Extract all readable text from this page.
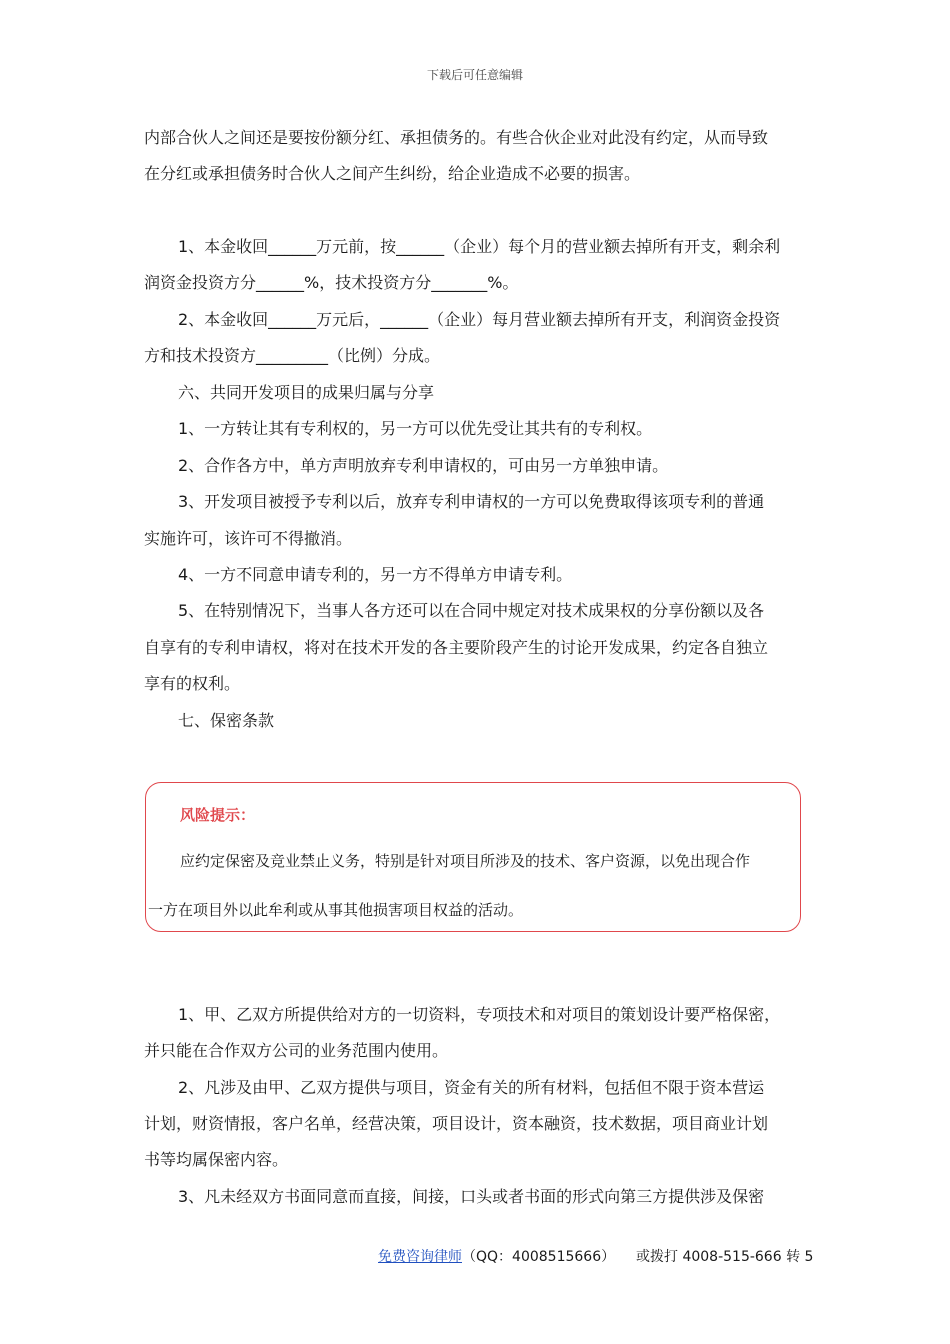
下载后可任意编辑
内部合伙人之间还是要按份额分红、承担债务的。有些合伙企业对此没有约定，从而导致
在分红或承担债务时合伙人之间产生纠纷，给企业造成不必要的损害。
1、本金收回______万元前，按______（企业）每个月的营业额去掉所有开支，剩余利
润资金投资方分______%，技术投资方分_______%。
2、本金收回______万元后，______（企业）每月营业额去掉所有开支，利润资金投资
方和技术投资方_________（比例）分成。
六、共同开发项目的成果归属与分享
1、一方转让其有专利权的，另一方可以优先受让其共有的专利权。
2、合作各方中，单方声明放弃专利申请权的，可由另一方单独申请。
3、开发项目被授予专利以后，放弃专利申请权的一方可以免费取得该项专利的普通
实施许可，该许可不得撤消。
4、一方不同意申请专利的，另一方不得单方申请专利。
5、在特别情况下，当事人各方还可以在合同中规定对技术成果权的分享份额以及各
自享有的专利申请权，将对在技术开发的各主要阶段产生的讨论开发成果，约定各自独立
享有的权利。
七、保密条款
风险提示：
应约定保密及竞业禁止义务，特别是针对项目所涉及的技术、客户资源，以免出现合作
一方在项目外以此牟利或从事其他损害项目权益的活动。
1、甲、乙双方所提供给对方的一切资料，专项技术和对项目的策划设计要严格保密，
并只能在合作双方公司的业务范围内使用。
2、凡涉及由甲、乙双方提供与项目，资金有关的所有材料，包括但不限于资本营运
计划，财资情报，客户名单，经营决策，项目设计，资本融资，技术数据，项目商业计划
书等均属保密内容。
3、凡未经双方书面同意而直接，间接，口头或者书面的形式向第三方提供涉及保密
免费咨询律师（QQ：4008515666） 或拨打 4008-515-666 转 5
